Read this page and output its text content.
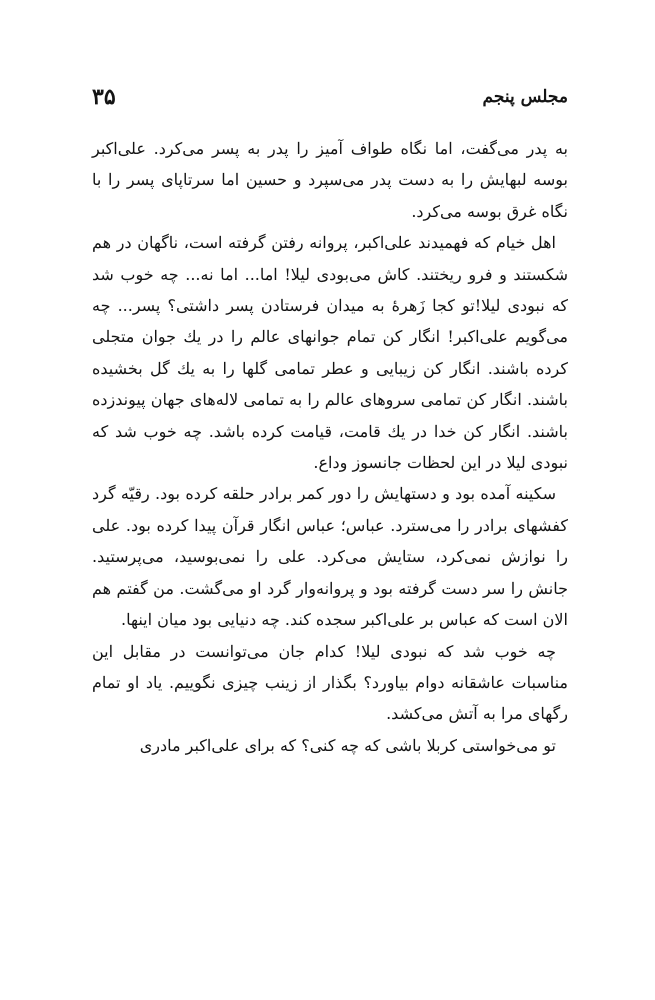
مجلس پنجم
۳۵

به پدر می‌گفت، اما نگاه طواف آمیز را پدر به پسر می‌کرد. علی‌اکبر بوسه لبهایش را به دست پدر می‌سپرد و حسین اما سرتاپای پسر را با نگاه غرق بوسه می‌کرد.

اهل خیام که فهمیدند علی‌اکبر، پروانه رفتن گرفته است، ناگهان در هم شکستند و فرو ریختند. کاش می‌بودی لیلا! اما... اما نه... چه خوب شد که نبودی لیلا!تو کجا زَهرهٔ به میدان فرستادن پسر داشتی؟ پسر... چه می‌گویم علی‌اکبر! انگار کن تمام جوانهای عالم را در یك جوان متجلی کرده باشند. انگار کن زیبایی و عطر تمامی گلها را به یك گل بخشیده باشند. انگار کن تمامی سروهای عالم را به تمامی لاله‌های جهان پیوندزده باشند. انگار کن خدا در یك قامت، قیامت کرده باشد. چه خوب شد که نبودی لیلا در این لحظات جانسوز وداع.

سکینه آمده بود و دستهایش را دور کمر برادر حلقه کرده بود. رقیّه گرد کفشهای برادر را می‌سترد. عباس؛ عباس انگار قرآن پیدا کرده بود. علی را نوازش نمی‌کرد، ستایش می‌کرد. علی را نمی‌بوسید، می‌پرستید. جانش را سر دست گرفته بود و پروانه‌وار گرد او می‌گشت. من گفتم هم الان است که عباس بر علی‌اکبر سجده کند. چه دنیایی بود میان اینها.

چه خوب شد که نبودی لیلا! کدام جان می‌توانست در مقابل این مناسبات عاشقانه دوام بیاورد؟ بگذار از زینب چیزی نگوییم. یاد او تمام رگهای مرا به آتش می‌کشد.

تو می‌خواستی کربلا باشی که چه کنی؟ که برای علی‌اکبر مادری
